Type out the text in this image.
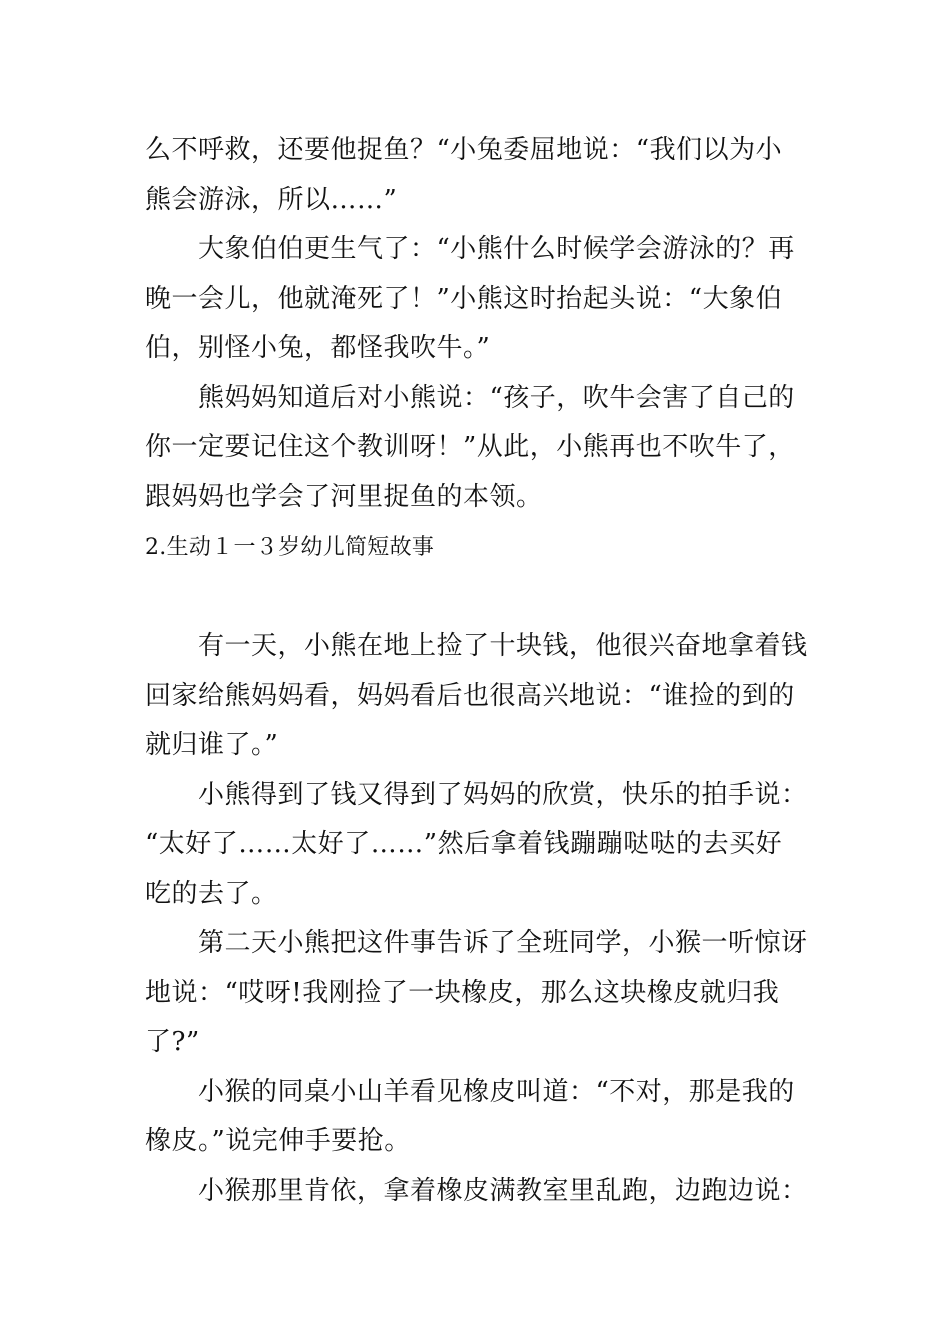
么不呼救，还要他捉鱼？“小兔委屈地说：“我们以为小
熊会游泳，所以……”
大象伯伯更生气了：“小熊什么时候学会游泳的？再
晚一会儿，他就淹死了！”小熊这时抬起头说：“大象伯
伯，别怪小兔，都怪我吹牛。”
熊妈妈知道后对小熊说：“孩子，吹牛会害了自己的
你一定要记住这个教训呀！”从此，小熊再也不吹牛了，
跟妈妈也学会了河里捉鱼的本领。
2.生动１一３岁幼儿简短故事
有一天，小熊在地上捡了十块钱，他很兴奋地拿着钱
回家给熊妈妈看，妈妈看后也很高兴地说：“谁捡的到的
就归谁了。”
小熊得到了钱又得到了妈妈的欣赏，快乐的拍手说：
“太好了……太好了……”然后拿着钱蹦蹦哒哒的去买好
吃的去了。
第二天小熊把这件事告诉了全班同学，小猴一听惊讶
地说：“哎呀!我刚捡了一块橡皮，那么这块橡皮就归我
了?”
小猴的同桌小山羊看见橡皮叫道：“不对，那是我的
橡皮。”说完伸手要抢。
小猴那里肯依，拿着橡皮满教室里乱跑，边跑边说：
